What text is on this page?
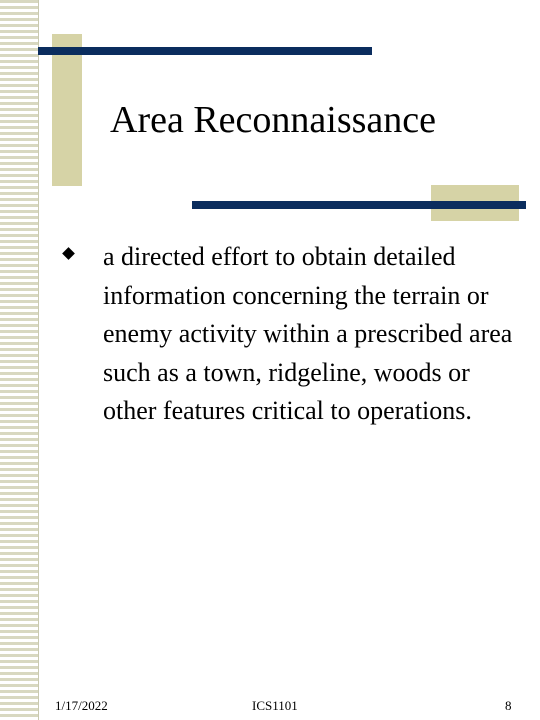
Area Reconnaissance
a directed effort to obtain detailed information concerning the terrain or enemy activity within a prescribed area such as a town, ridgeline, woods or other features critical to operations.
1/17/2022	ICS1101	8
